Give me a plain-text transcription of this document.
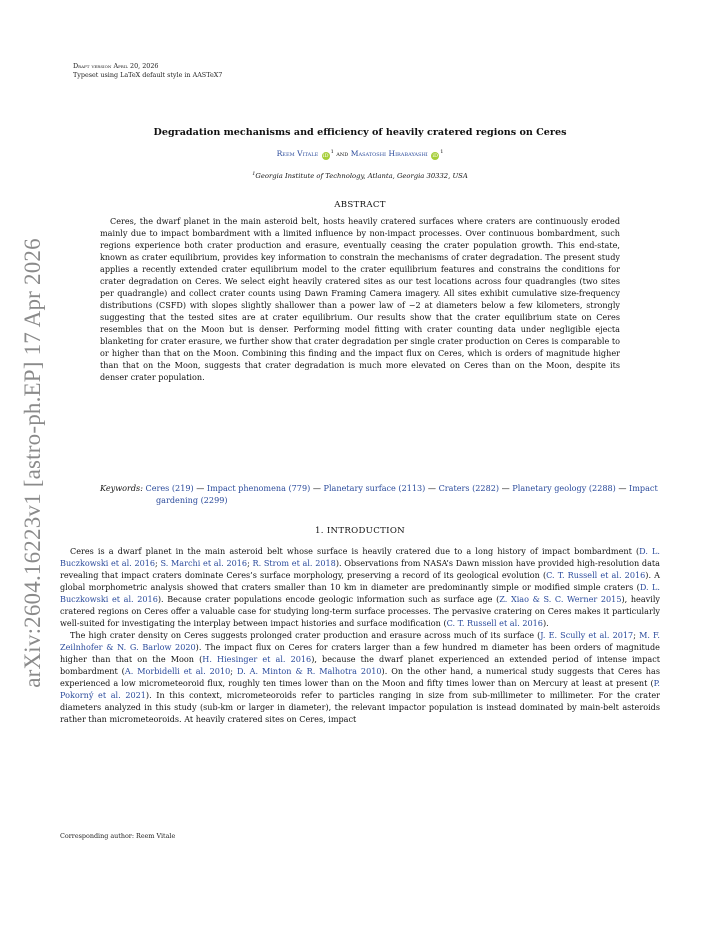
arXiv:2604.16223v1 [astro-ph.EP] 17 Apr 2026
Draft version April 20, 2026
Typeset using LaTeX default style in AASTeX7
Degradation mechanisms and efficiency of heavily cratered regions on Ceres
Reem Vitale iD$^1$ and Masatoshi Hirabayashi iD$^1$
$^1$Georgia Institute of Technology, Atlanta, Georgia 30332, USA
ABSTRACT

Ceres, the dwarf planet in the main asteroid belt, hosts heavily cratered surfaces where craters are continuously eroded mainly due to impact bombardment with a limited influence by non-impact processes. Over continuous bombardment, such regions experience both crater production and erasure, eventually ceasing the crater population growth. This end-state, known as crater equilibrium, provides key information to constrain the mechanisms of crater degradation. The present study applies a recently extended crater equilibrium model to the crater equilibrium features and constrains the conditions for crater degradation on Ceres. We select eight heavily cratered sites as our test locations across four quadrangles (two sites per quadrangle) and collect crater counts using Dawn Framing Camera imagery. All sites exhibit cumulative size-frequency distributions (CSFD) with slopes slightly shallower than a power law of −2 at diameters below a few kilometers, strongly suggesting that the tested sites are at crater equilibrium. Our results show that the crater equilibrium state on Ceres resembles that on the Moon but is denser. Performing model fitting with crater counting data under negligible ejecta blanketing for crater erasure, we further show that crater degradation per single crater production on Ceres is comparable to or higher than that on the Moon. Combining this finding and the impact flux on Ceres, which is orders of magnitude higher than that on the Moon, suggests that crater degradation is much more elevated on Ceres than on the Moon, despite its denser crater population.

Keywords: Ceres (219) — Impact phenomena (779) — Planetary surface (2113) — Craters (2282) — Planetary geology (2288) — Impact gardening (2299)
1. INTRODUCTION

Ceres is a dwarf planet in the main asteroid belt whose surface is heavily cratered due to a long history of impact bombardment (D. L. Buczkowski et al. 2016; S. Marchi et al. 2016; R. Strom et al. 2018). Observations from NASA’s Dawn mission have provided high-resolution data revealing that impact craters dominate Ceres’s surface morphology, preserving a record of its geological evolution (C. T. Russell et al. 2016). A global morphometric analysis showed that craters smaller than 10 km in diameter are predominantly simple or modified simple craters (D. L. Buczkowski et al. 2016). Because crater populations encode geologic information such as surface age (Z. Xiao & S. C. Werner 2015), heavily cratered regions on Ceres offer a valuable case for studying long-term surface processes. The pervasive cratering on Ceres makes it particularly well-suited for investigating the interplay between impact histories and surface modification (C. T. Russell et al. 2016).

The high crater density on Ceres suggests prolonged crater production and erasure across much of its surface (J. E. Scully et al. 2017; M. F. Zeilnhofer & N. G. Barlow 2020). The impact flux on Ceres for craters larger than a few hundred m diameter has been orders of magnitude higher than that on the Moon (H. Hiesinger et al. 2016), because the dwarf planet experienced an extended period of intense impact bombardment (A. Morbidelli et al. 2010; D. A. Minton & R. Malhotra 2010). On the other hand, a numerical study suggests that Ceres has experienced a low micrometeoroid flux, roughly ten times lower than on the Moon and fifty times lower than on Mercury at least at present (P. Pokorný et al. 2021). In this context, micrometeoroids refer to particles ranging in size from sub-millimeter to millimeter. For the crater diameters analyzed in this study (sub-km or larger in diameter), the relevant impactor population is instead dominated by main-belt asteroids rather than micrometeoroids. At heavily cratered sites on Ceres, impact

Corresponding author: Reem Vitale
